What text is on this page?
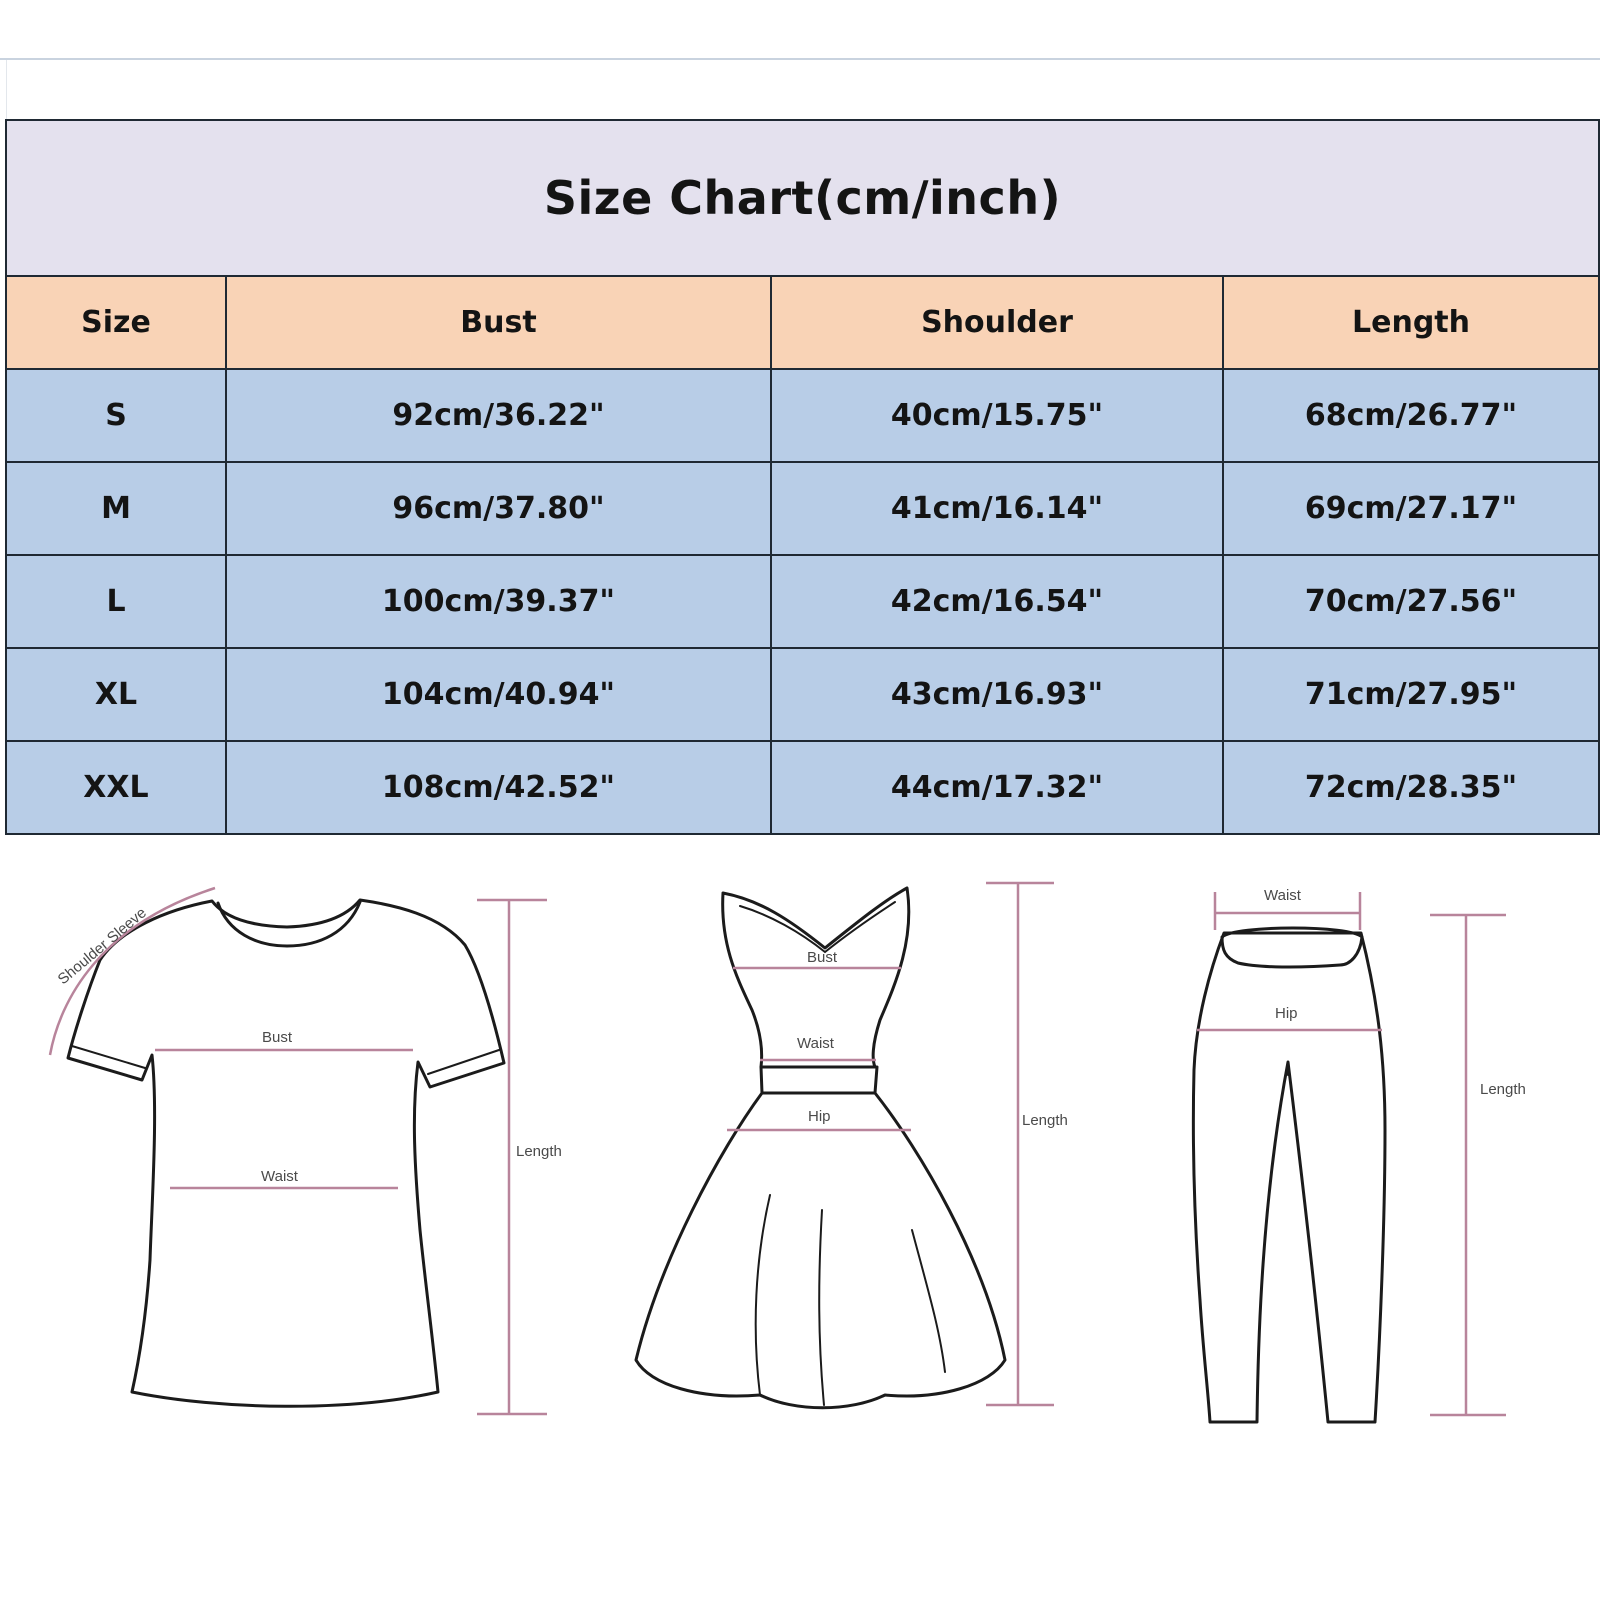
Size Chart(cm/inch)			
Size	Bust	Shoulder	Length
S	92cm/36.22"	40cm/15.75"	68cm/26.77"
M	96cm/37.80"	41cm/16.14"	69cm/27.17"
L	100cm/39.37"	42cm/16.54"	70cm/27.56"
XL	104cm/40.94"	43cm/16.93"	71cm/27.95"
XXL	108cm/42.52"	44cm/17.32"	72cm/28.35"
Shoulder Sleeve
Bust
Waist
Length
Bust
Waist
Hip	Length
Waist
Hip
Length
